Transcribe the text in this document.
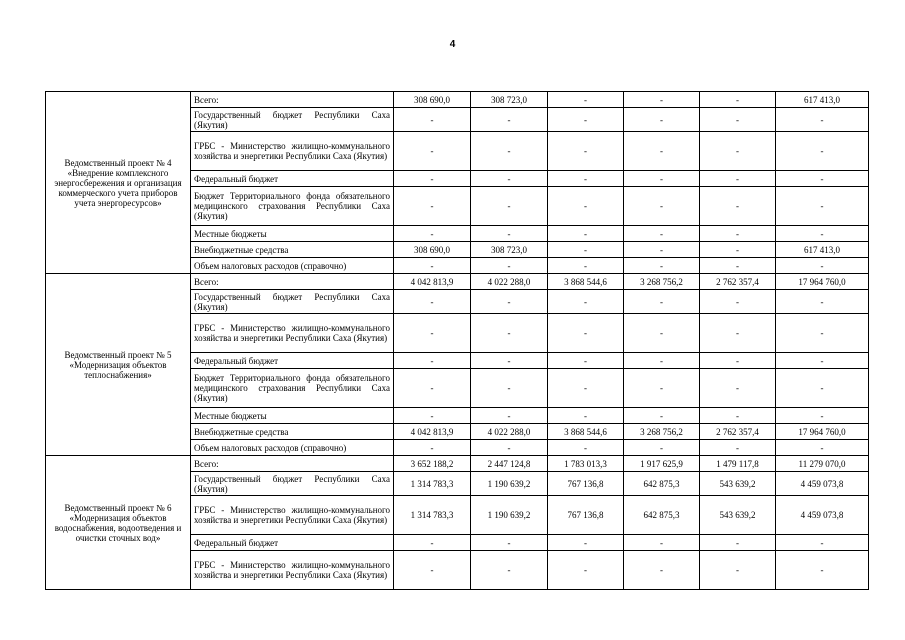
4
Ведомственный проект № 4 «Внедрение комплексного энергосбережения и организация коммерческого учета приборов учета энергоресурсов»	Всего:	308 690,0	308 723,0	-	-	-	617 413,0
	Государственный бюджет Республики Саха (Якутия)	-	-	-	-	-	-
	ГРБС - Министерство жилищно-коммунального хозяйства и энергетики Республики Саха (Якутия)	-	-	-	-	-	-
	Федеральный бюджет	-	-	-	-	-	-
	Бюджет Территориального фонда обязательного медицинского страхования Республики Саха (Якутия)	-	-	-	-	-	-
	Местные бюджеты	-	-	-	-	-	-
	Внебюджетные средства	308 690,0	308 723,0	-	-	-	617 413,0
	Объем налоговых расходов (справочно)	-	-	-	-	-	-
Ведомственный проект № 5 «Модернизация объектов теплоснабжения»	Всего:	4 042 813,9	4 022 288,0	3 868 544,6	3 268 756,2	2 762 357,4	17 964 760,0
	Государственный бюджет Республики Саха (Якутия)	-	-	-	-	-	-
	ГРБС - Министерство жилищно-коммунального хозяйства и энергетики Республики Саха (Якутия)	-	-	-	-	-	-
	Федеральный бюджет	-	-	-	-	-	-
	Бюджет Территориального фонда обязательного медицинского страхования Республики Саха (Якутия)	-	-	-	-	-	-
	Местные бюджеты	-	-	-	-	-	-
	Внебюджетные средства	4 042 813,9	4 022 288,0	3 868 544,6	3 268 756,2	2 762 357,4	17 964 760,0
	Объем налоговых расходов (справочно)	-	-	-	-	-	-
Ведомственный проект № 6 «Модернизация объектов водоснабжения, водоотведения и очистки сточных вод»	Всего:	3 652 188,2	2 447 124,8	1 783 013,3	1 917 625,9	1 479 117,8	11 279 070,0
	Государственный бюджет Республики Саха (Якутия)	1 314 783,3	1 190 639,2	767 136,8	642 875,3	543 639,2	4 459 073,8
	ГРБС - Министерство жилищно-коммунального хозяйства и энергетики Республики Саха (Якутия)	1 314 783,3	1 190 639,2	767 136,8	642 875,3	543 639,2	4 459 073,8
	Федеральный бюджет	-	-	-	-	-	-
	ГРБС - Министерство жилищно-коммунального хозяйства и энергетики Республики Саха (Якутия)	-	-	-	-	-	-
